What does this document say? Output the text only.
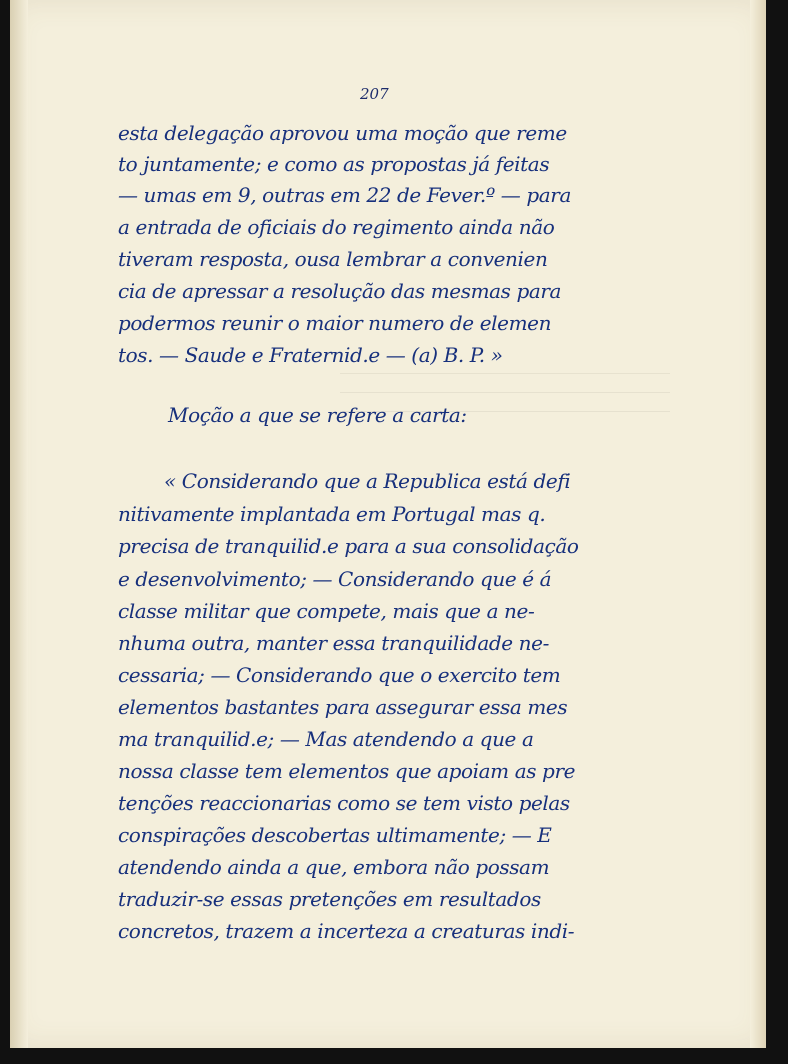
207
esta delegação aprovou uma moção que reme
to juntamente; e como as propostas já feitas
— umas em 9, outras em 22 de Fever.º — para
a entrada de oficiais do regimento ainda não
tiveram resposta, ousa lembrar a convenien
cia de apressar a resolução das mesmas para
podermos reunir o maior numero de elemen
tos. — Saude e Fraternid.e — (a) B. P. »
Moção a que se refere a carta:
« Considerando que a Republica está defi
nitivamente implantada em Portugal mas q.
precisa de tranquilid.e para a sua consolidação
e desenvolvimento; — Considerando que é á
classe militar que compete, mais que a ne-
nhuma outra, manter essa tranquilidade ne-
cessaria; — Considerando que o exercito tem
elementos bastantes para assegurar essa mes
ma tranquilid.e; — Mas atendendo a que a
nossa classe tem elementos que apoiam as pre
tenções reaccionarias como se tem visto pelas
conspirações descobertas ultimamente; — E
atendendo ainda a que, embora não possam
traduzir-se essas pretenções em resultados
concretos, trazem a incerteza a creaturas indi-
